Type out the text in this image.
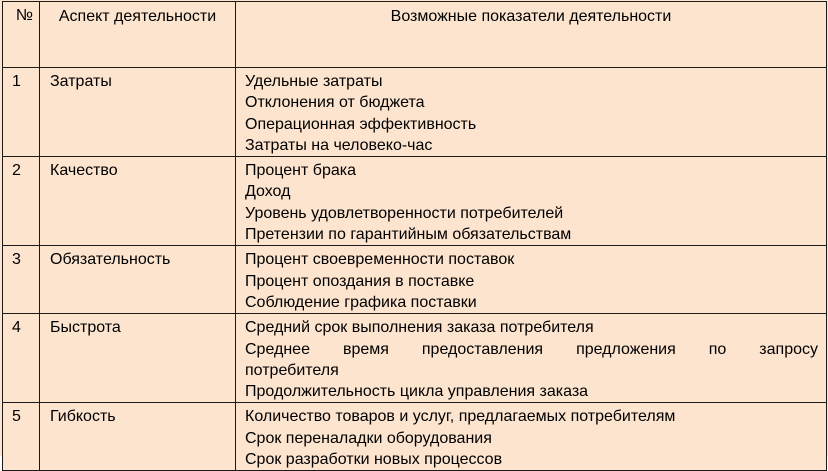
№	Аспект деятельности	Возможные показатели деятельности
1	Затраты	Удельные затраты
Отклонения от бюджета
Операционная эффективность
Затраты на человеко-час

2	Качество	Процент брака
Доход
Уровень удовлетворенности потребителей
Претензии по гарантийным обязательствам

3	Обязательность	Процент своевременности поставок
Процент опоздания в поставке
Соблюдение графика поставки

4	Быстрота	Средний срок выполнения заказа потребителя
Среднее время предоставления предложения по запросу
потребителя
Продолжительность цикла управления заказа

5	Гибкость	Количество товаров и услуг, предлагаемых потребителям
Срок переналадки оборудования
Срок разработки новых процессов
